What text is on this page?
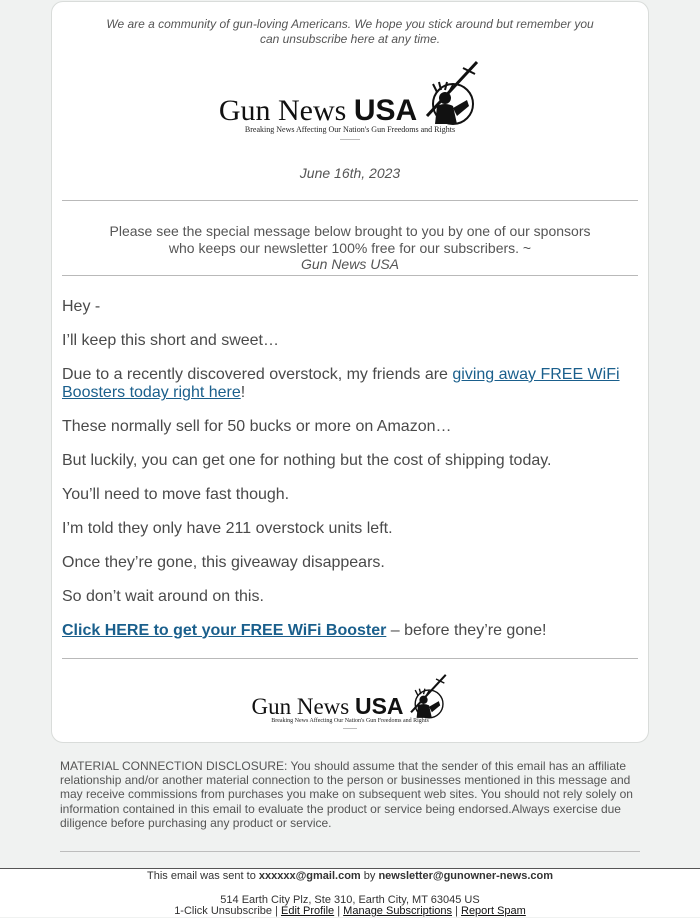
We are a community of gun-loving Americans. We hope you stick around but remember you
can unsubscribe here at any time.
Gun News USA
Breaking News Affecting Our Nation's Gun Freedoms and Rights
June 16th, 2023
Please see the special message below brought to you by one of our sponsors
who keeps our newsletter 100% free for our subscribers. ~
Gun News USA

Hey -

I’ll keep this short and sweet…

Due to a recently discovered overstock, my friends are giving away FREE WiFi Boosters today right here!

These normally sell for 50 bucks or more on Amazon…

But luckily, you can get one for nothing but the cost of shipping today.

You’ll need to move fast though.

I’m told they only have 211 overstock units left.

Once they’re gone, this giveaway disappears.

So don’t wait around on this.

Click HERE to get your FREE WiFi Booster – before they’re gone!

Gun News USA
Breaking News Affecting Our Nation's Gun Freedoms and Rights
MATERIAL CONNECTION DISCLOSURE: You should assume that the sender of this email has an affiliate relationship and/or another material connection to the person or businesses mentioned in this message and may receive commissions from purchases you make on subsequent web sites. You should not rely solely on information contained in this email to evaluate the product or service being endorsed.Always exercise due diligence before purchasing any product or service.
This email was sent to xxxxxx@gmail.com by newsletter@gunowner-news.com
514 Earth City Plz, Ste 310, Earth City, MT 63045 US
1-Click Unsubscribe | Edit Profile | Manage Subscriptions | Report Spam
